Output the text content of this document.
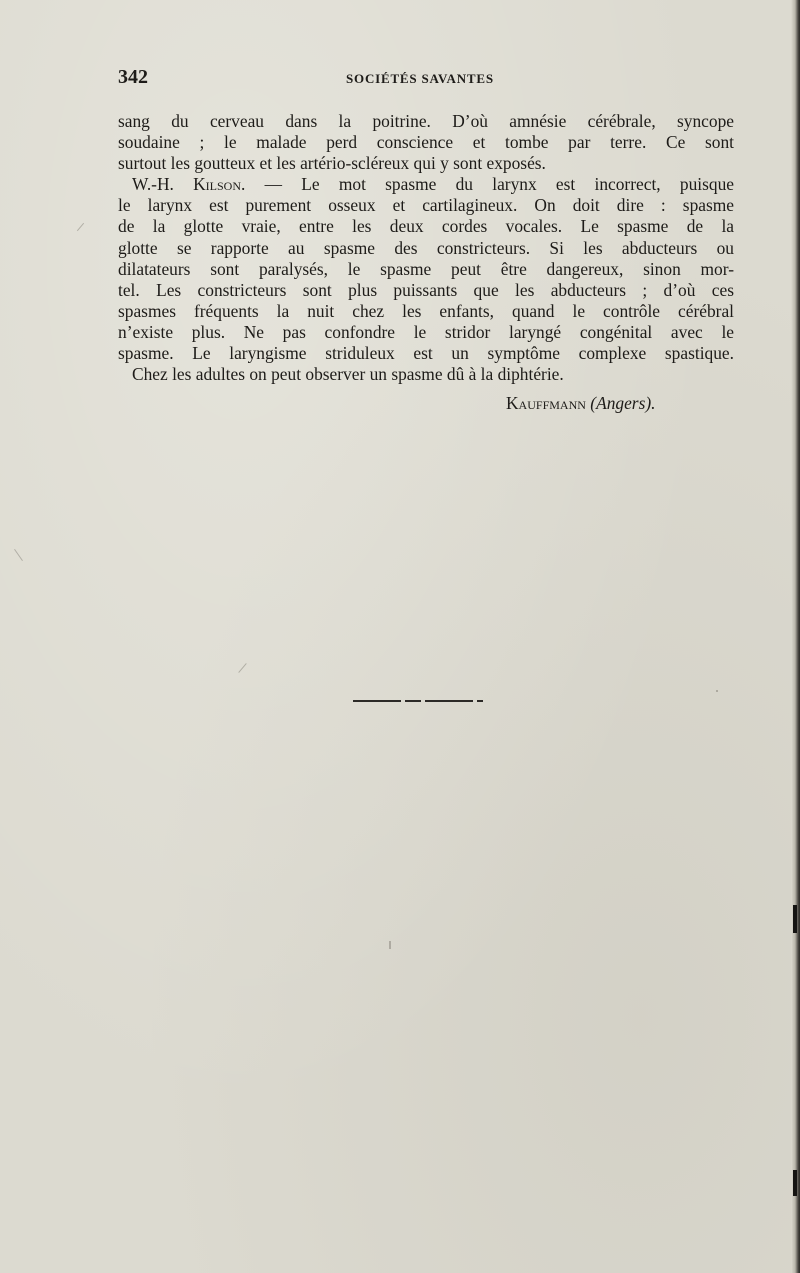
342	SOCIÉTÉS SAVANTES
sang du cerveau dans la poitrine. D’où amnésie cérébrale, syncope
soudaine ; le malade perd conscience et tombe par terre. Ce sont
surtout les goutteux et les artério-scléreux qui y sont exposés.
W.-H. Kilson. — Le mot spasme du larynx est incorrect, puisque
le larynx est purement osseux et cartilagineux. On doit dire : spasme
de la glotte vraie, entre les deux cordes vocales. Le spasme de la
glotte se rapporte au spasme des constricteurs. Si les abducteurs ou
dilatateurs sont paralysés, le spasme peut être dangereux, sinon mor-
tel. Les constricteurs sont plus puissants que les abducteurs ; d’où ces
spasmes fréquents la nuit chez les enfants, quand le contrôle cérébral
n’existe plus. Ne pas confondre le stridor laryngé congénital avec le
spasme. Le laryngisme striduleux est un symptôme complexe spastique.
Chez les adultes on peut observer un spasme dû à la diphtérie.
Kauffmann (Angers).
